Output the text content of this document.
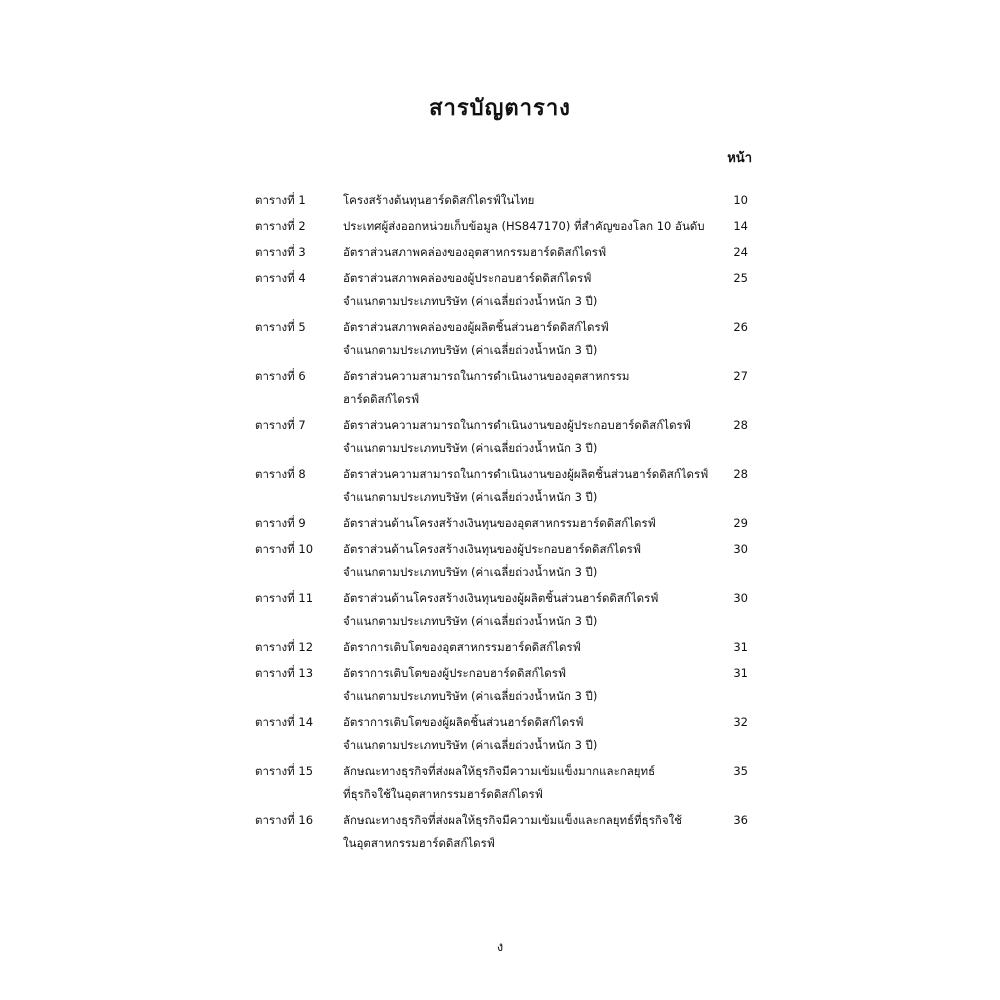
สารบัญตาราง
หน้า
ตารางที่ 1	โครงสร้างต้นทุนฮาร์ดดิสก์ไดรฟ์ในไทย	10
ตารางที่ 2	ประเทศผู้ส่งออกหน่วยเก็บข้อมูล (HS847170) ที่สำคัญของโลก 10 อันดับ	14
ตารางที่ 3	อัตราส่วนสภาพคล่องของอุตสาหกรรมฮาร์ดดิสก์ไดรฟ์	24
ตารางที่ 4	อัตราส่วนสภาพคล่องของผู้ประกอบฮาร์ดดิสก์ไดรฟ์	25
จำแนกตามประเภทบริษัท (ค่าเฉลี่ยถ่วงน้ำหนัก 3 ปี)
ตารางที่ 5	อัตราส่วนสภาพคล่องของผู้ผลิตชิ้นส่วนฮาร์ดดิสก์ไดรฟ์	26
จำแนกตามประเภทบริษัท (ค่าเฉลี่ยถ่วงน้ำหนัก 3 ปี)
ตารางที่ 6	อัตราส่วนความสามารถในการดำเนินงานของอุตสาหกรรม	27
ฮาร์ดดิสก์ไดรฟ์
ตารางที่ 7	อัตราส่วนความสามารถในการดำเนินงานของผู้ประกอบฮาร์ดดิสก์ไดรฟ์	28
จำแนกตามประเภทบริษัท (ค่าเฉลี่ยถ่วงน้ำหนัก 3 ปี)
ตารางที่ 8	อัตราส่วนความสามารถในการดำเนินงานของผู้ผลิตชิ้นส่วนฮาร์ดดิสก์ไดรฟ์	28
จำแนกตามประเภทบริษัท (ค่าเฉลี่ยถ่วงน้ำหนัก 3 ปี)
ตารางที่ 9	อัตราส่วนด้านโครงสร้างเงินทุนของอุตสาหกรรมฮาร์ดดิสก์ไดรฟ์	29
ตารางที่ 10	อัตราส่วนด้านโครงสร้างเงินทุนของผู้ประกอบฮาร์ดดิสก์ไดรฟ์	30
จำแนกตามประเภทบริษัท (ค่าเฉลี่ยถ่วงน้ำหนัก 3 ปี)
ตารางที่ 11	อัตราส่วนด้านโครงสร้างเงินทุนของผู้ผลิตชิ้นส่วนฮาร์ดดิสก์ไดรฟ์	30
จำแนกตามประเภทบริษัท (ค่าเฉลี่ยถ่วงน้ำหนัก 3 ปี)
ตารางที่ 12	อัตราการเติบโตของอุตสาหกรรมฮาร์ดดิสก์ไดรฟ์	31
ตารางที่ 13	อัตราการเติบโตของผู้ประกอบฮาร์ดดิสก์ไดรฟ์	31
จำแนกตามประเภทบริษัท (ค่าเฉลี่ยถ่วงน้ำหนัก 3 ปี)
ตารางที่ 14	อัตราการเติบโตของผู้ผลิตชิ้นส่วนฮาร์ดดิสก์ไดรฟ์	32
จำแนกตามประเภทบริษัท (ค่าเฉลี่ยถ่วงน้ำหนัก 3 ปี)
ตารางที่ 15	ลักษณะทางธุรกิจที่ส่งผลให้ธุรกิจมีความเข้มแข็งมากและกลยุทธ์	35
ที่ธุรกิจใช้ในอุตสาหกรรมฮาร์ดดิสก์ไดรฟ์
ตารางที่ 16	ลักษณะทางธุรกิจที่ส่งผลให้ธุรกิจมีความเข้มแข็งและกลยุทธ์ที่ธุรกิจใช้	36
ในอุตสาหกรรมฮาร์ดดิสก์ไดรฟ์
ง
